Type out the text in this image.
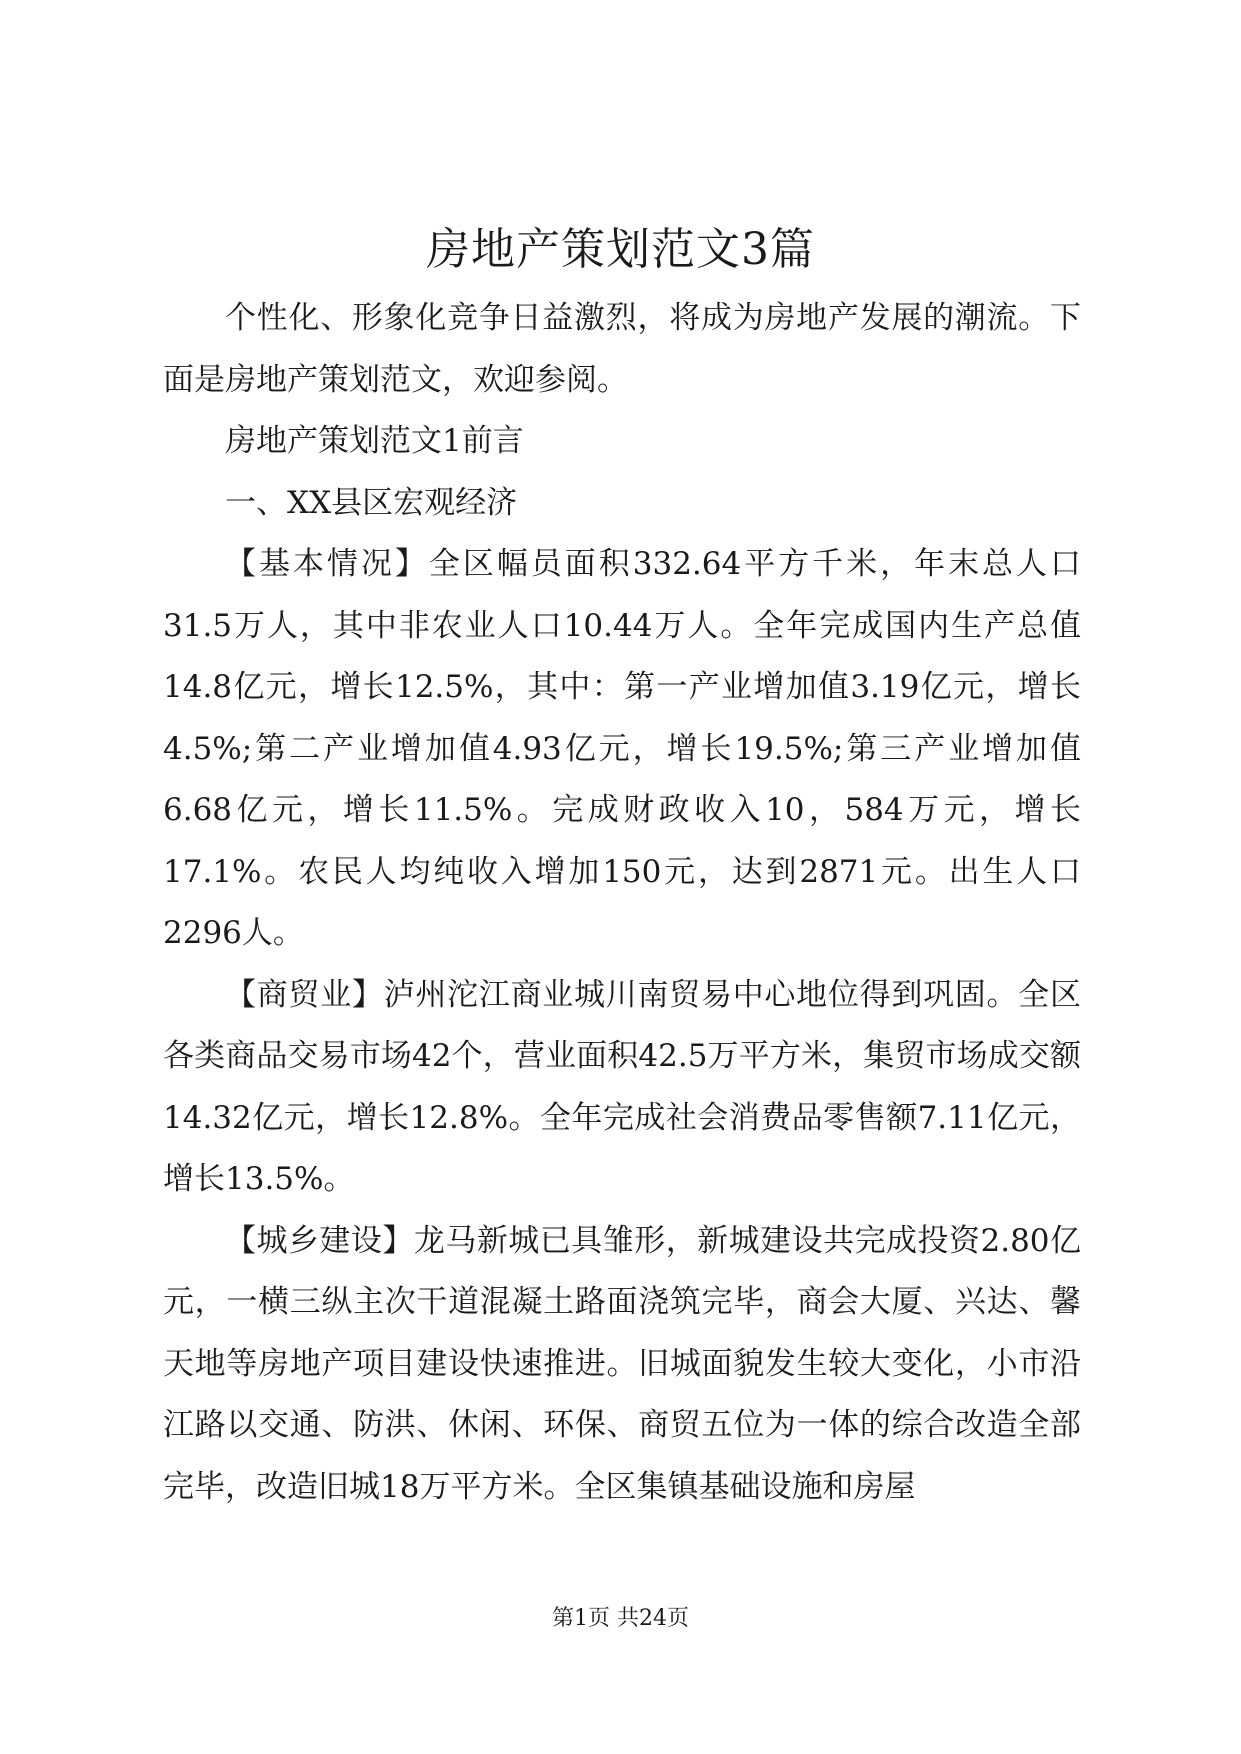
房地产策划范文3篇

个性化、形象化竞争日益激烈，将成为房地产发展的潮流。下面是房地产策划范文，欢迎参阅。

房地产策划范文1前言

一、XX县区宏观经济

【基本情况】全区幅员面积332.64平方千米，年末总人口31.5万人，其中非农业人口10.44万人。全年完成国内生产总值14.8亿元，增长12.5%，其中：第一产业增加值3.19亿元，增长4.5%;第二产业增加值4.93亿元，增长19.5%;第三产业增加值6.68亿元，增长11.5%。完成财政收入10，584万元，增长17.1%。农民人均纯收入增加150元，达到2871元。出生人口2296人。

【商贸业】泸州沱江商业城川南贸易中心地位得到巩固。全区各类商品交易市场42个，营业面积42.5万平方米，集贸市场成交额14.32亿元，增长12.8%。全年完成社会消费品零售额7.11亿元，增长13.5%。

【城乡建设】龙马新城已具雏形，新城建设共完成投资2.80亿元，一横三纵主次干道混凝土路面浇筑完毕，商会大厦、兴达、馨天地等房地产项目建设快速推进。旧城面貌发生较大变化，小市沿江路以交通、防洪、休闲、环保、商贸五位为一体的综合改造全部完毕，改造旧城18万平方米。全区集镇基础设施和房屋

第1页 共24页
